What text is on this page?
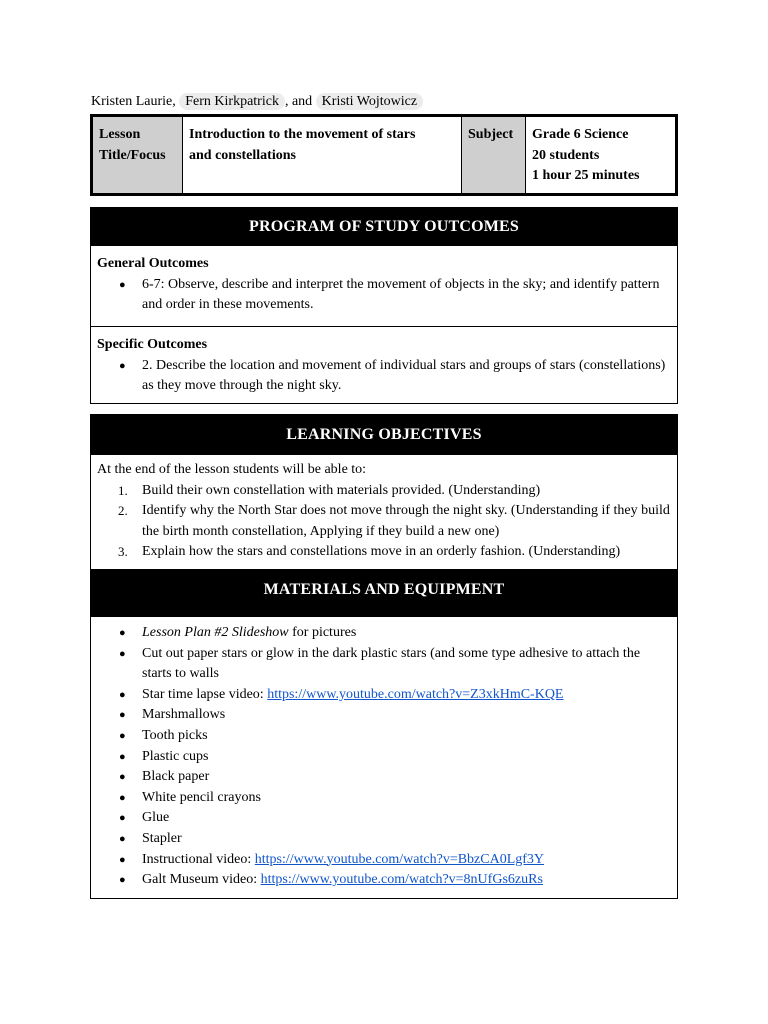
Kristen Laurie, Fern Kirkpatrick , and Kristi Wojtowicz
Lesson
Title/Focus
Introduction to the movement of stars
and constellations
Subject	Grade 6 Science
20 students
1 hour 25 minutes
PROGRAM OF STUDY OUTCOMES
General Outcomes
● 6-7: Observe, describe and interpret the movement of objects in the sky; and identify pattern and order in these movements.
Specific Outcomes
● 2. Describe the location and movement of individual stars and groups of stars (constellations) as they move through the night sky.
LEARNING OBJECTIVES
At the end of the lesson students will be able to:
1. Build their own constellation with materials provided. (Understanding)
2. Identify why the North Star does not move through the night sky. (Understanding if they build the birth month constellation, Applying if they build a new one)
3. Explain how the stars and constellations move in an orderly fashion. (Understanding)
MATERIALS AND EQUIPMENT
● Lesson Plan #2 Slideshow for pictures
● Cut out paper stars or glow in the dark plastic stars (and some type adhesive to attach the starts to walls
● Star time lapse video: https://www.youtube.com/watch?v=Z3xkHmC-KQE
● Marshmallows
● Tooth picks
● Plastic cups
● Black paper
● White pencil crayons
● Glue
● Stapler
● Instructional video: https://www.youtube.com/watch?v=BbzCA0Lgf3Y
● Galt Museum video: https://www.youtube.com/watch?v=8nUfGs6zuRs
